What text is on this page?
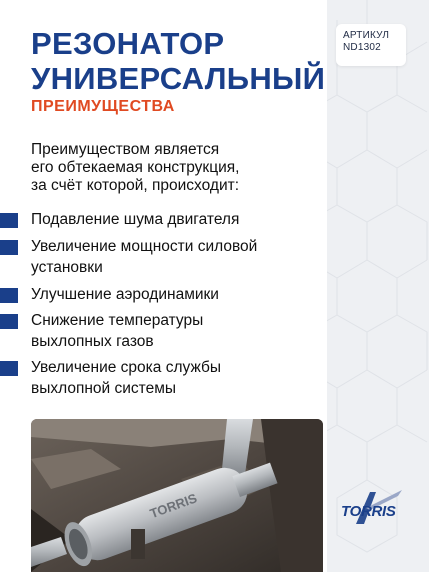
АРТИКУЛ
ND1302
РЕЗОНАТОР
УНИВЕРСАЛЬНЫЙ
ПРЕИМУЩЕСТВА

Преимуществом является
его обтекаемая конструкция,
за счёт которой, происходит:

Подавление шума двигателя
Увеличение мощности силовой
установки
Улучшение аэродинамики
Снижение температуры
выхлопных газов
Увеличение срока службы
выхлопной системы
TORRIS	TORRIS
